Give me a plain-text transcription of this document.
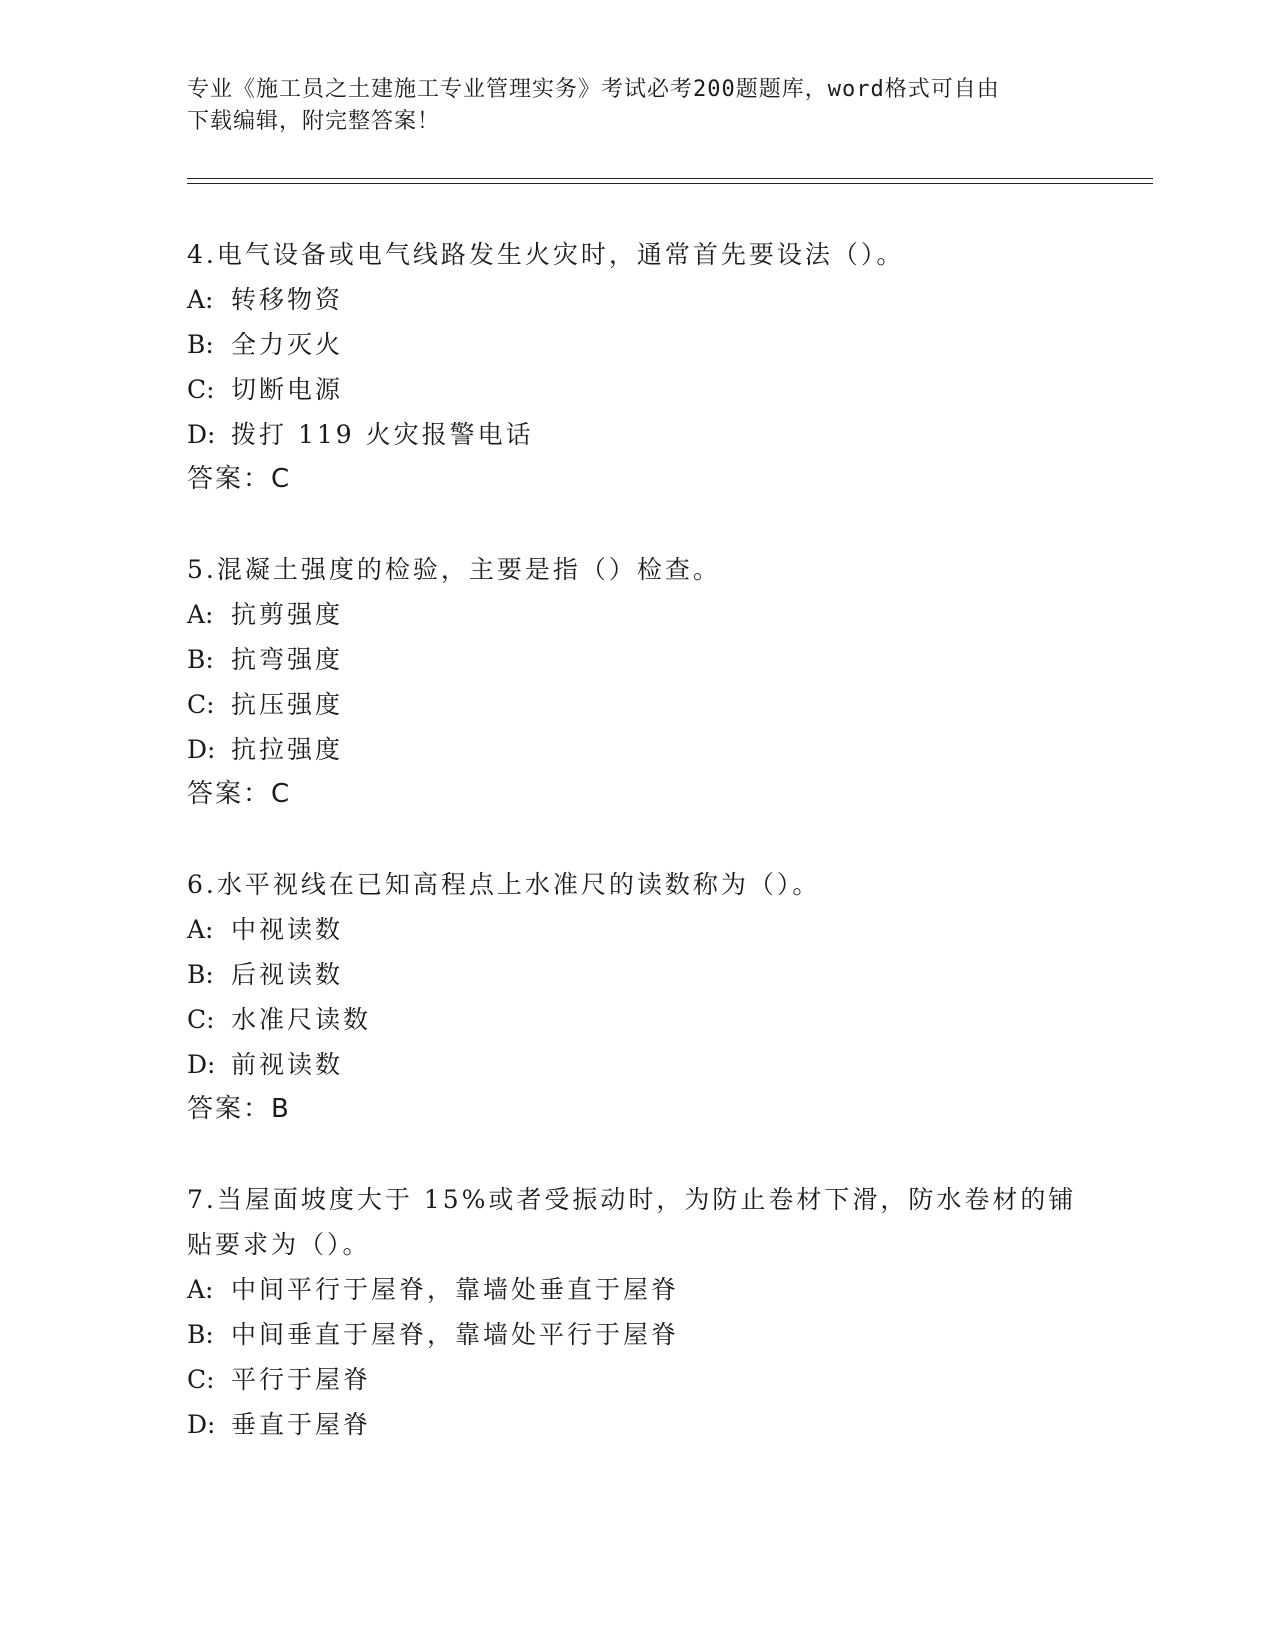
专业《施工员之土建施工专业管理实务》考试必考200题题库，word格式可自由
下载编辑，附完整答案！
4.电气设备或电气线路发生火灾时，通常首先要设法（）。
A: 转移物资
B: 全力灭火
C: 切断电源
D: 拨打 119 火灾报警电话
答案：C
5.混凝土强度的检验，主要是指（）检查。
A: 抗剪强度
B: 抗弯强度
C: 抗压强度
D: 抗拉强度
答案：C
6.水平视线在已知高程点上水准尺的读数称为（）。
A: 中视读数
B: 后视读数
C: 水准尺读数
D: 前视读数
答案：B
7.当屋面坡度大于 15%或者受振动时，为防止卷材下滑，防水卷材的铺
贴要求为（）。
A: 中间平行于屋脊，靠墙处垂直于屋脊
B: 中间垂直于屋脊，靠墙处平行于屋脊
C: 平行于屋脊
D: 垂直于屋脊
